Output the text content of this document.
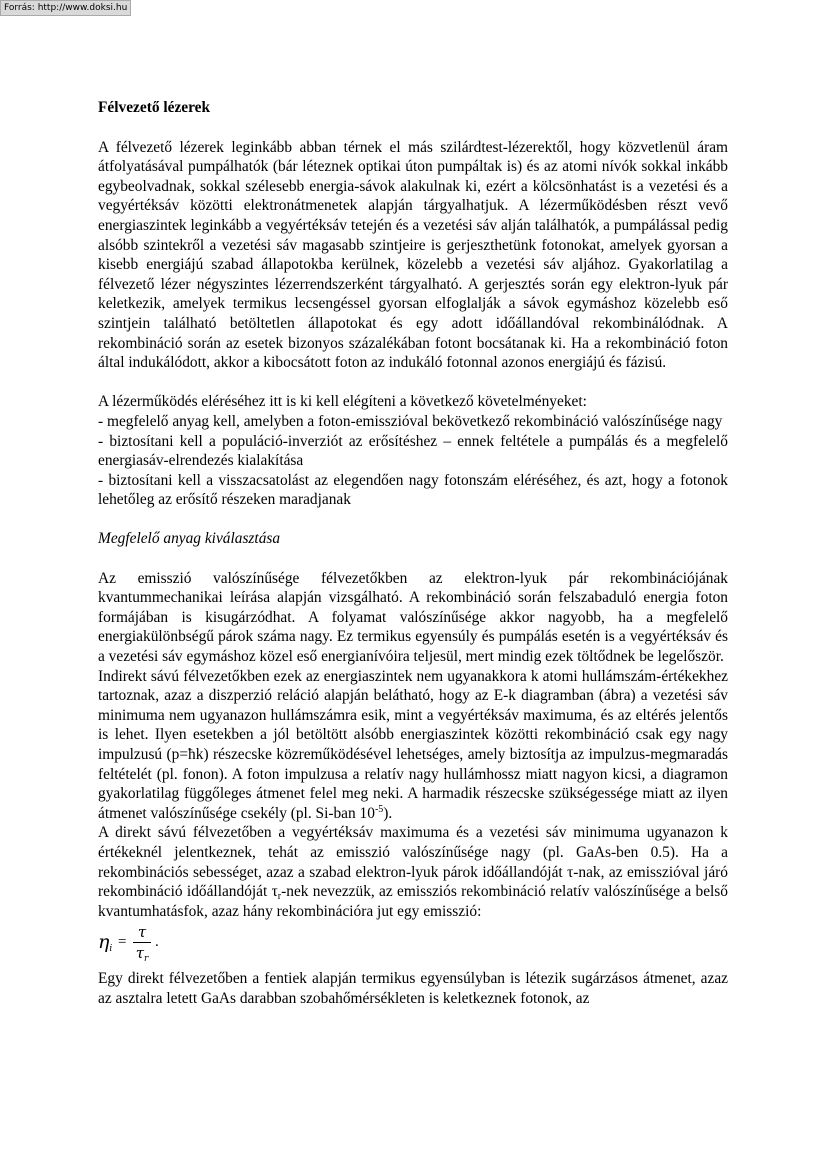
Forrás: http://www.doksi.hu
Félvezető lézerek

A félvezető lézerek leginkább abban térnek el más szilárdtest-lézerektől, hogy közvetlenül áram átfolyatásával pumpálhatók (bár léteznek optikai úton pumpáltak is) és az atomi nívók sokkal inkább egybeolvadnak, sokkal szélesebb energia-sávok alakulnak ki, ezért a kölcsönhatást is a vezetési és a vegyértéksáv közötti elektronátmenetek alapján tárgyalhatjuk. A lézerműködésben részt vevő energiaszintek leginkább a vegyértéksáv tetején és a vezetési sáv alján találhatók, a pumpálással pedig alsóbb szintekről a vezetési sáv magasabb szintjeire is gerjeszthetünk fotonokat, amelyek gyorsan a kisebb energiájú szabad állapotokba kerülnek, közelebb a vezetési sáv aljához. Gyakorlatilag a félvezető lézer négyszintes lézerrendszerként tárgyalható. A gerjesztés során egy elektron-lyuk pár keletkezik, amelyek termikus lecsengéssel gyorsan elfoglalják a sávok egymáshoz közelebb eső szintjein található betöltetlen állapotokat és egy adott időállandóval rekombinálódnak. A rekombináció során az esetek bizonyos százalékában fotont bocsátanak ki. Ha a rekombináció foton által indukálódott, akkor a kibocsátott foton az indukáló fotonnal azonos energiájú és fázisú.

A lézerműködés eléréséhez itt is ki kell elégíteni a következő követelményeket:

- megfelelő anyag kell, amelyben a foton-emisszióval bekövetkező rekombináció valószínűsége nagy

- biztosítani kell a populáció-inverziót az erősítéshez – ennek feltétele a pumpálás és a megfelelő energiasáv-elrendezés kialakítása

- biztosítani kell a visszacsatolást az elegendően nagy fotonszám eléréséhez, és azt, hogy a fotonok lehetőleg az erősítő részeken maradjanak

Megfelelő anyag kiválasztása

Az emisszió valószínűsége félvezetőkben az elektron-lyuk pár rekombinációjának kvantummechanikai leírása alapján vizsgálható. A rekombináció során felszabaduló energia foton formájában is kisugárzódhat. A folyamat valószínűsége akkor nagyobb, ha a megfelelő energiakülönbségű párok száma nagy. Ez termikus egyensúly és pumpálás esetén is a vegyértéksáv és a vezetési sáv egymáshoz közel eső energianívóira teljesül, mert mindig ezek töltődnek be legelőször.

Indirekt sávú félvezetőkben ezek az energiaszintek nem ugyanakkora k atomi hullámszám-értékekhez tartoznak, azaz a diszperzió reláció alapján belátható, hogy az E-k diagramban (ábra) a vezetési sáv minimuma nem ugyanazon hullámszámra esik, mint a vegyértéksáv maximuma, és az eltérés jelentős is lehet. Ilyen esetekben a jól betöltött alsóbb energiaszintek közötti rekombináció csak egy nagy impulzusú (p=ħk) részecske közreműködésével lehetséges, amely biztosítja az impulzus-megmaradás feltételét (pl. fonon). A foton impulzusa a relatív nagy hullámhossz miatt nagyon kicsi, a diagramon gyakorlatilag függőleges átmenet felel meg neki. A harmadik részecske szükségessége miatt az ilyen átmenet valószínűsége csekély (pl. Si-ban $10^{-5}$).

A direkt sávú félvezetőben a vegyértéksáv maximuma és a vezetési sáv minimuma ugyanazon k értékeknél jelentkeznek, tehát az emisszió valószínűsége nagy (pl. GaAs-ben 0.5). Ha a rekombinációs sebességet, azaz a szabad elektron-lyuk párok időállandóját τ-nak, az emisszióval járó rekombináció időállandóját $\tau_r$-nek nevezzük, az emissziós rekombináció relatív valószínűsége a belső kvantumhatásfok, azaz hány rekombinációra jut egy emisszió:

$\eta_i$ =
τ
$\tau_r$
.

Egy direkt félvezetőben a fentiek alapján termikus egyensúlyban is létezik sugárzásos átmenet, azaz az asztalra letett GaAs darabban szobahőmérsékleten is keletkeznek fotonok, az
